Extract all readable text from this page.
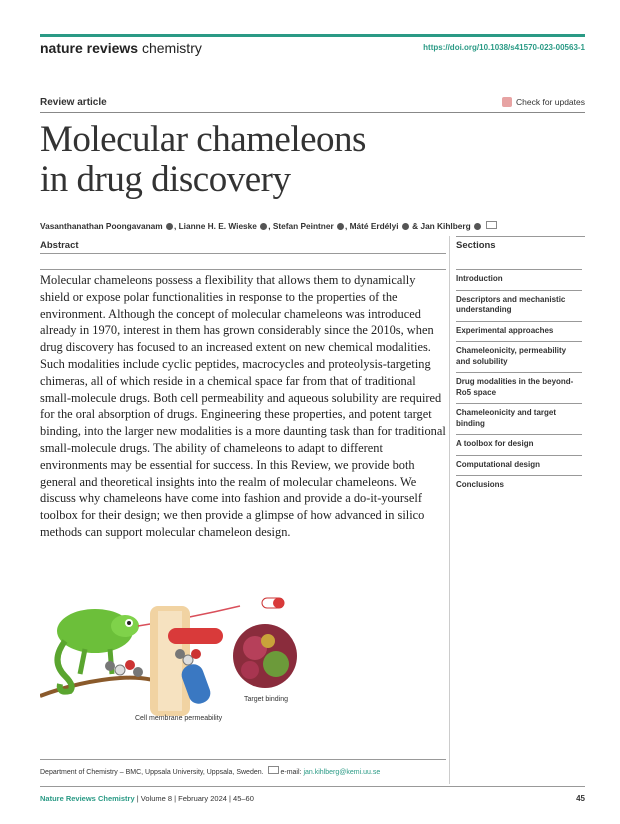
nature reviews chemistry	https://doi.org/10.1038/s41570-023-00563-1
Review article	Check for updates
Molecular chameleons
in drug discovery
Vasanthanathan Poongavanam , Lianne H. E. Wieske , Stefan Peintner , Máté Erdélyi  & Jan Kihlberg
Abstract
Molecular chameleons possess a flexibility that allows them to dynamically shield or expose polar functionalities in response to the properties of the environment. Although the concept of molecular chameleons was introduced already in 1970, interest in them has grown considerably since the 2010s, when drug discovery has focused to an increased extent on new chemical modalities. Such modalities include cyclic peptides, macrocycles and proteolysis-targeting chimeras, all of which reside in a chemical space far from that of traditional small-molecule drugs. Both cell permeability and aqueous solubility are required for the oral absorption of drugs. Engineering these properties, and potent target binding, into the larger new modalities is a more daunting task than for traditional small-molecule drugs. The ability of chameleons to adapt to different environments may be essential for success. In this Review, we provide both general and theoretical insights into the realm of molecular chameleons. We discuss why chameleons have come into fashion and provide a do-it-yourself toolbox for their design; we then provide a glimpse of how advanced in silico methods can support molecular chameleon design.
Sections
Introduction
Descriptors and mechanistic understanding
Experimental approaches
Chameleonicity, permeability and solubility
Drug modalities in the beyond-Ro5 space
Chameleonicity and target binding
A toolbox for design
Computational design
Conclusions
Target binding
Cell membrane permeability
Department of Chemistry – BMC, Uppsala University, Uppsala, Sweden. e-mail: jan.kihlberg@kemi.uu.se
Nature Reviews Chemistry | Volume 8 | February 2024 | 45–60	45
